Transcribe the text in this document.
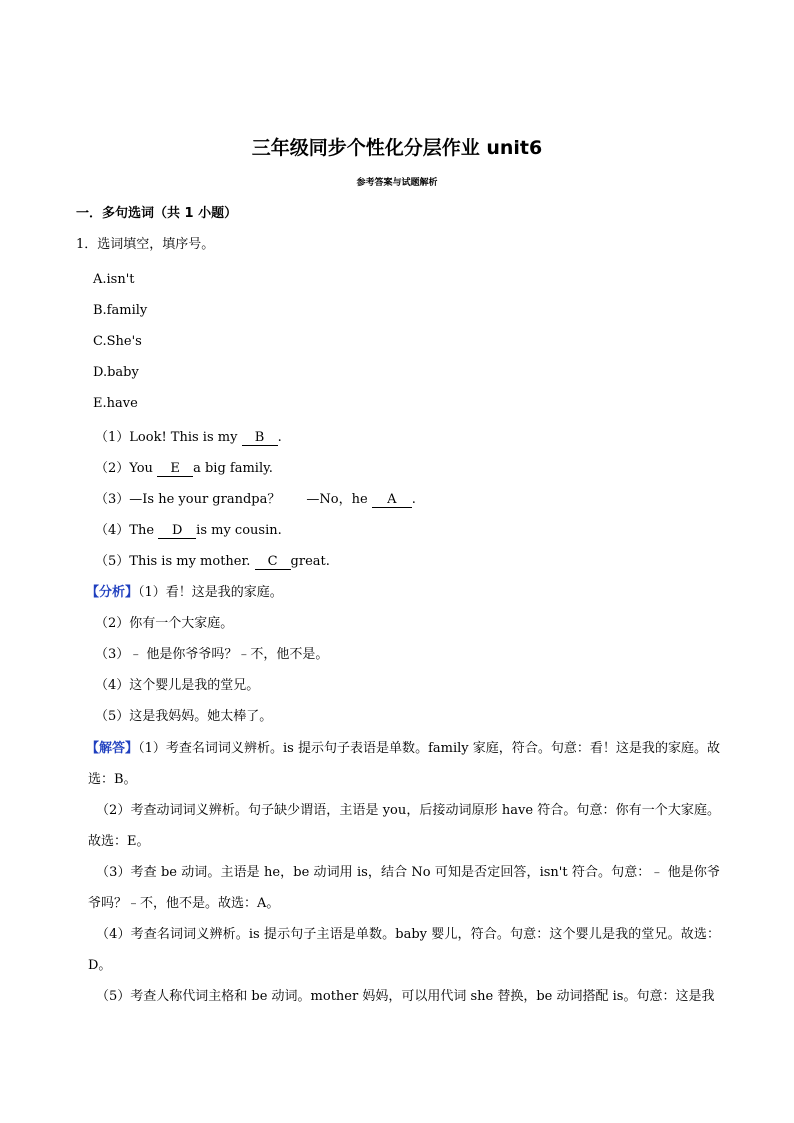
三年级同步个性化分层作业 unit6
参考答案与试题解析
一．多句选词（共 1 小题）
1．选词填空，填序号。
A.isn't
B.family
C.She's
D.baby
E.have
（1）Look! This is my B .
（2）You E a big family.
（3）—Is he your grandpa？ —No，he A .
（4）The D is my cousin.
（5）This is my mother. C great.
【分析】（1）看！这是我的家庭。
（2）你有一个大家庭。
（3）﹣ 他是你爷爷吗？﹣不，他不是。
（4）这个婴儿是我的堂兄。
（5）这是我妈妈。她太棒了。
【解答】（1）考查名词词义辨析。is 提示句子表语是单数。family 家庭，符合。句意：看！这是我的家庭。故选：B。
（2）考查动词词义辨析。句子缺少谓语，主语是 you，后接动词原形 have 符合。句意：你有一个大家庭。故选：E。
（3）考查 be 动词。主语是 he，be 动词用 is，结合 No 可知是否定回答，isn't 符合。句意：﹣ 他是你爷爷吗？﹣不，他不是。故选：A。
（4）考查名词词义辨析。is 提示句子主语是单数。baby 婴儿，符合。句意：这个婴儿是我的堂兄。故选：D。
（5）考查人称代词主格和 be 动词。mother 妈妈，可以用代词 she 替换，be 动词搭配 is。句意：这是我
